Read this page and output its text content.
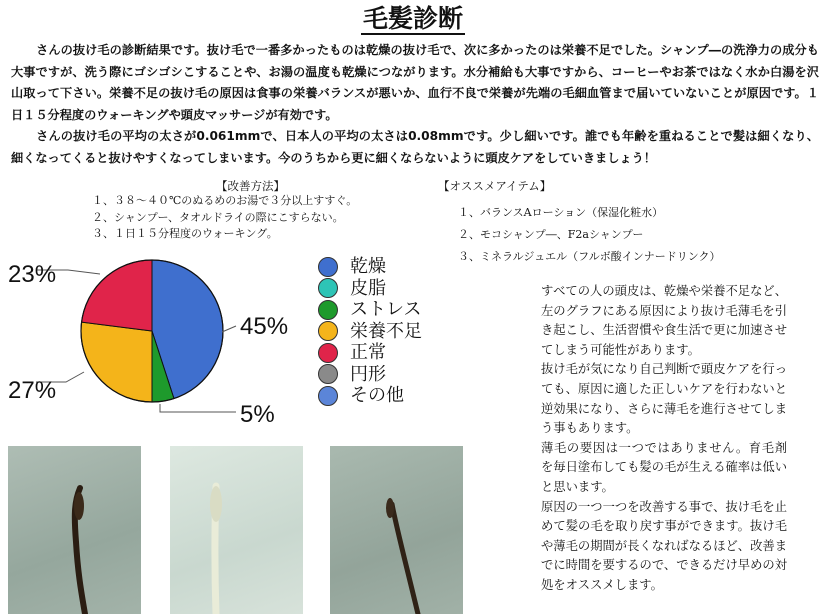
毛髪診断

さんの抜け毛の診断結果です。抜け毛で一番多かったものは乾燥の抜け毛で、次に多かったのは栄養不足でした。シャンプ―の洗浄力の成分も大事ですが、洗う際にゴシゴシこすることや、お湯の温度も乾燥につながります。水分補給も大事ですから、コーヒーやお茶ではなく水か白湯を沢山取って下さい。栄養不足の抜け毛の原因は食事の栄養バランスが悪いか、血行不良で栄養が先端の毛細血管まで届いていないことが原因です。１日１５分程度のウォーキングや頭皮マッサージが有効です。

さんの抜け毛の平均の太さが0.061mmで、日本人の平均の太さは0.08mmです。少し細いです。誰でも年齢を重ねることで髪は細くなり、細くなってくると抜けやすくなってしまいます。今のうちから更に細くならないように頭皮ケアをしていきましょう！

【改善方法】
１、３８～４０℃のぬるめのお湯で３分以上すすぐ。
２、シャンプー、タオルドライの際にこすらない。
３、１日１５分程度のウォーキング。
【オススメアイテム】
１、バランスAローション（保湿化粧水）
２、モコシャンプ―、F2aシャンプー
３、ミネラルジュエル（フルボ酸インナードリンク）
45%
5%
27%
23%	乾燥
皮脂
ストレス
栄養不足
正常
円形
その他

すべての人の頭皮は、乾燥や栄養不足など、左のグラフにある原因により抜け毛薄毛を引き起こし、生活習慣や食生活で更に加速させてしまう可能性があります。

抜け毛が気になり自己判断で頭皮ケアを行っても、原因に適した正しいケアを行わないと逆効果になり、さらに薄毛を進行させてしまう事もあります。

薄毛の要因は一つではありません。育毛剤を毎日塗布しても髪の毛が生える確率は低いと思います。

原因の一つ一つを改善する事で、抜け毛を止めて髪の毛を取り戻す事ができます。抜け毛や薄毛の期間が長くなればなるほど、改善までに時間を要するので、できるだけ早めの対処をオススメします。
